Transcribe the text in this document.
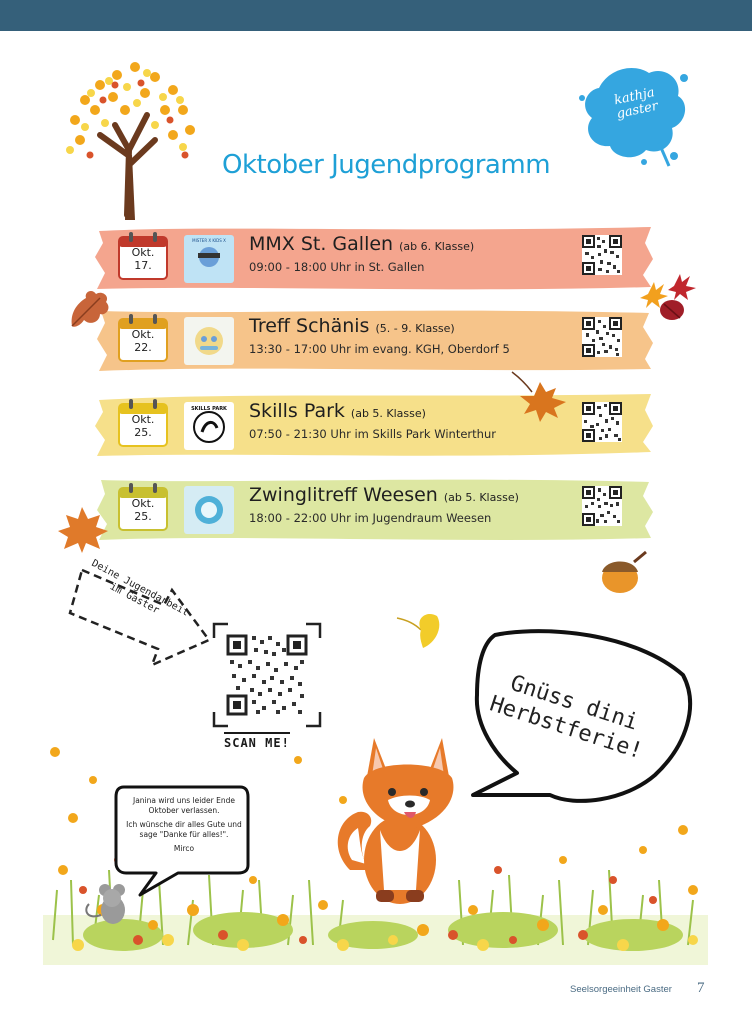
kathja gaster
Oktober Jugendprogramm
Okt.
17.
MISTER X KIDS X MMX St. Gallen (ab 6. Klasse)
09:00 - 18:00 Uhr in St. Gallen
Okt.
22.
Treff Schänis (5. - 9. Klasse)
13:30 - 17:00 Uhr im evang. KGH, Oberdorf 5
Okt.
25.
SKILLS PARK Skills Park (ab 5. Klasse)
07:50 - 21:30 Uhr im Skills Park Winterthur
Okt.
25.
Zwinglitreff Weesen (ab 5. Klasse)
18:00 - 22:00 Uhr im Jugendraum Weesen
Deine Jugendarbeit
im Gaster
SCAN ME!
Gnüss dini
Herbstferie!
Janina wird uns leider Ende Oktober verlassen.
Ich wünsche dir alles Gute und sage "Danke für alles!".
Mirco
Seelsorgeeinheit Gaster 7
